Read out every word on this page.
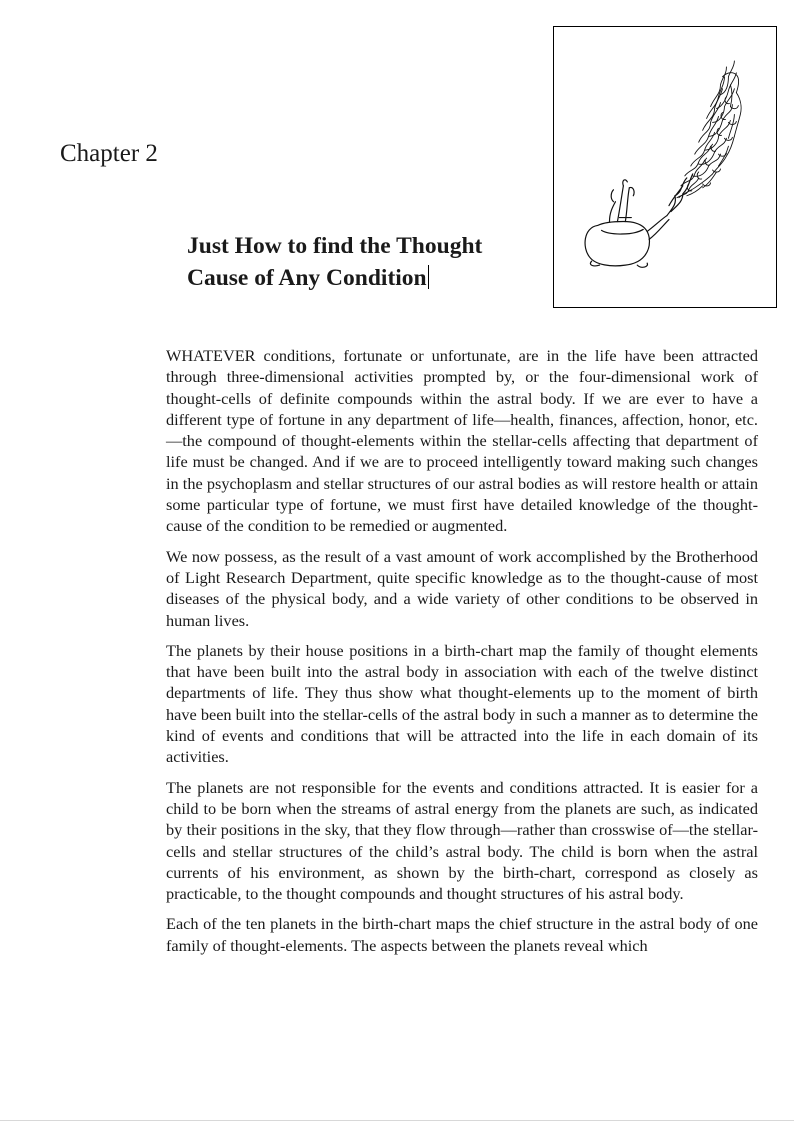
Chapter 2
Just How to find the Thought
Cause of Any Condition

WHATEVER conditions, fortunate or unfortunate, are in the life have been attracted through three-dimensional activities prompted by, or the four-dimensional work of thought-cells of definite compounds within the astral body. If we are ever to have a different type of fortune in any department of life—health, finances, affection, honor, etc.—the compound of thought-elements within the stellar-cells affecting that department of life must be changed. And if we are to proceed intelligently toward making such changes in the psychoplasm and stellar structures of our astral bodies as will restore health or attain some particular type of fortune, we must first have detailed knowledge of the thought-cause of the condition to be remedied or augmented.

We now possess, as the result of a vast amount of work accomplished by the Brotherhood of Light Research Department, quite specific knowledge as to the thought-cause of most diseases of the physical body, and a wide variety of other conditions to be observed in human lives.

The planets by their house positions in a birth-chart map the family of thought elements that have been built into the astral body in association with each of the twelve distinct departments of life. They thus show what thought-elements up to the moment of birth have been built into the stellar-cells of the astral body in such a manner as to determine the kind of events and conditions that will be attracted into the life in each domain of its activities.

The planets are not responsible for the events and conditions attracted. It is easier for a child to be born when the streams of astral energy from the planets are such, as indicated by their positions in the sky, that they flow through—rather than crosswise of—the stellar-cells and stellar structures of the child’s astral body. The child is born when the astral currents of his environment, as shown by the birth-chart, correspond as closely as practicable, to the thought compounds and thought structures of his astral body.

Each of the ten planets in the birth-chart maps the chief structure in the astral body of one family of thought-elements. The aspects between the planets reveal which
